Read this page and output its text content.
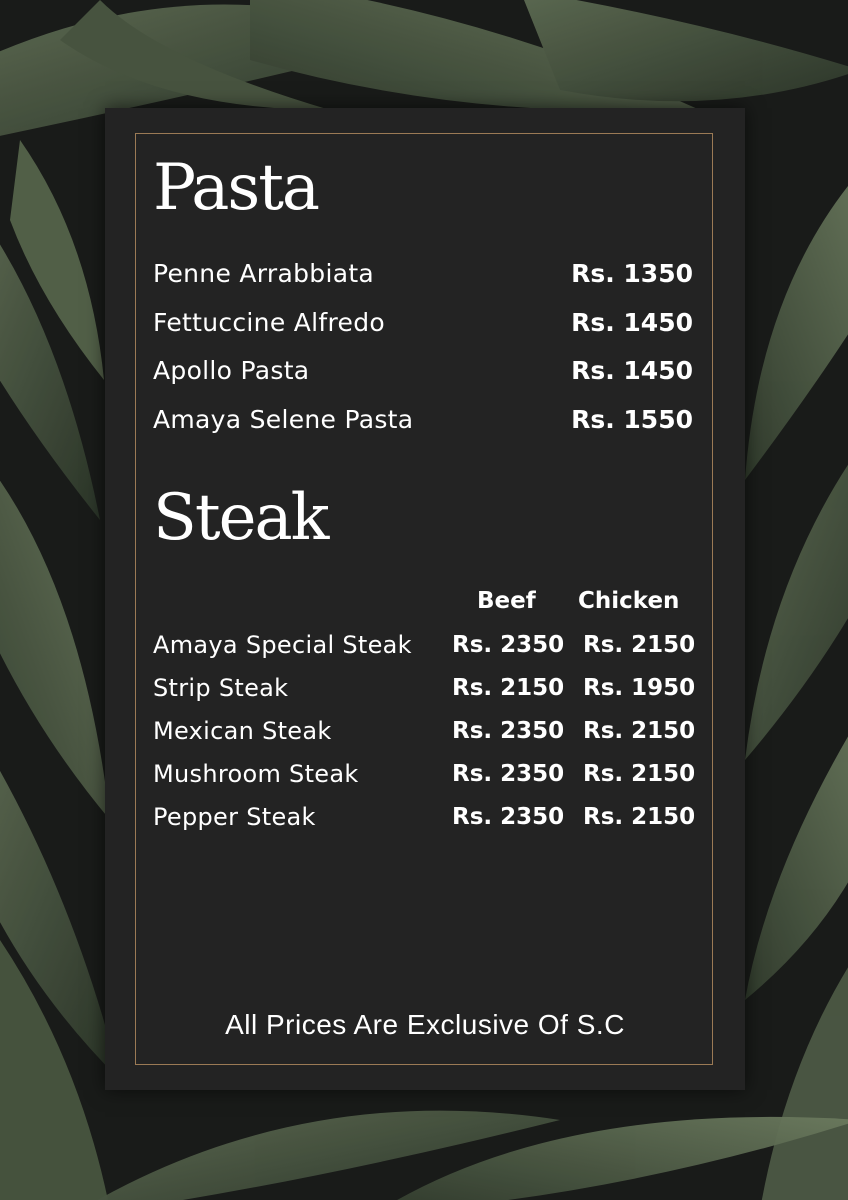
Pasta
Penne Arrabbiata	Rs. 1350
Fettuccine Alfredo	Rs. 1450
Apollo Pasta	Rs. 1450
Amaya Selene Pasta	Rs. 1550
Steak
Beef Chicken
Amaya Special Steak Rs. 2350 Rs. 2150
Strip Steak	Rs. 2150 Rs. 1950
Mexican Steak	Rs. 2350 Rs. 2150
Mushroom Steak	Rs. 2350 Rs. 2150
Pepper Steak	Rs. 2350 Rs. 2150
All Prices Are Exclusive Of S.C
